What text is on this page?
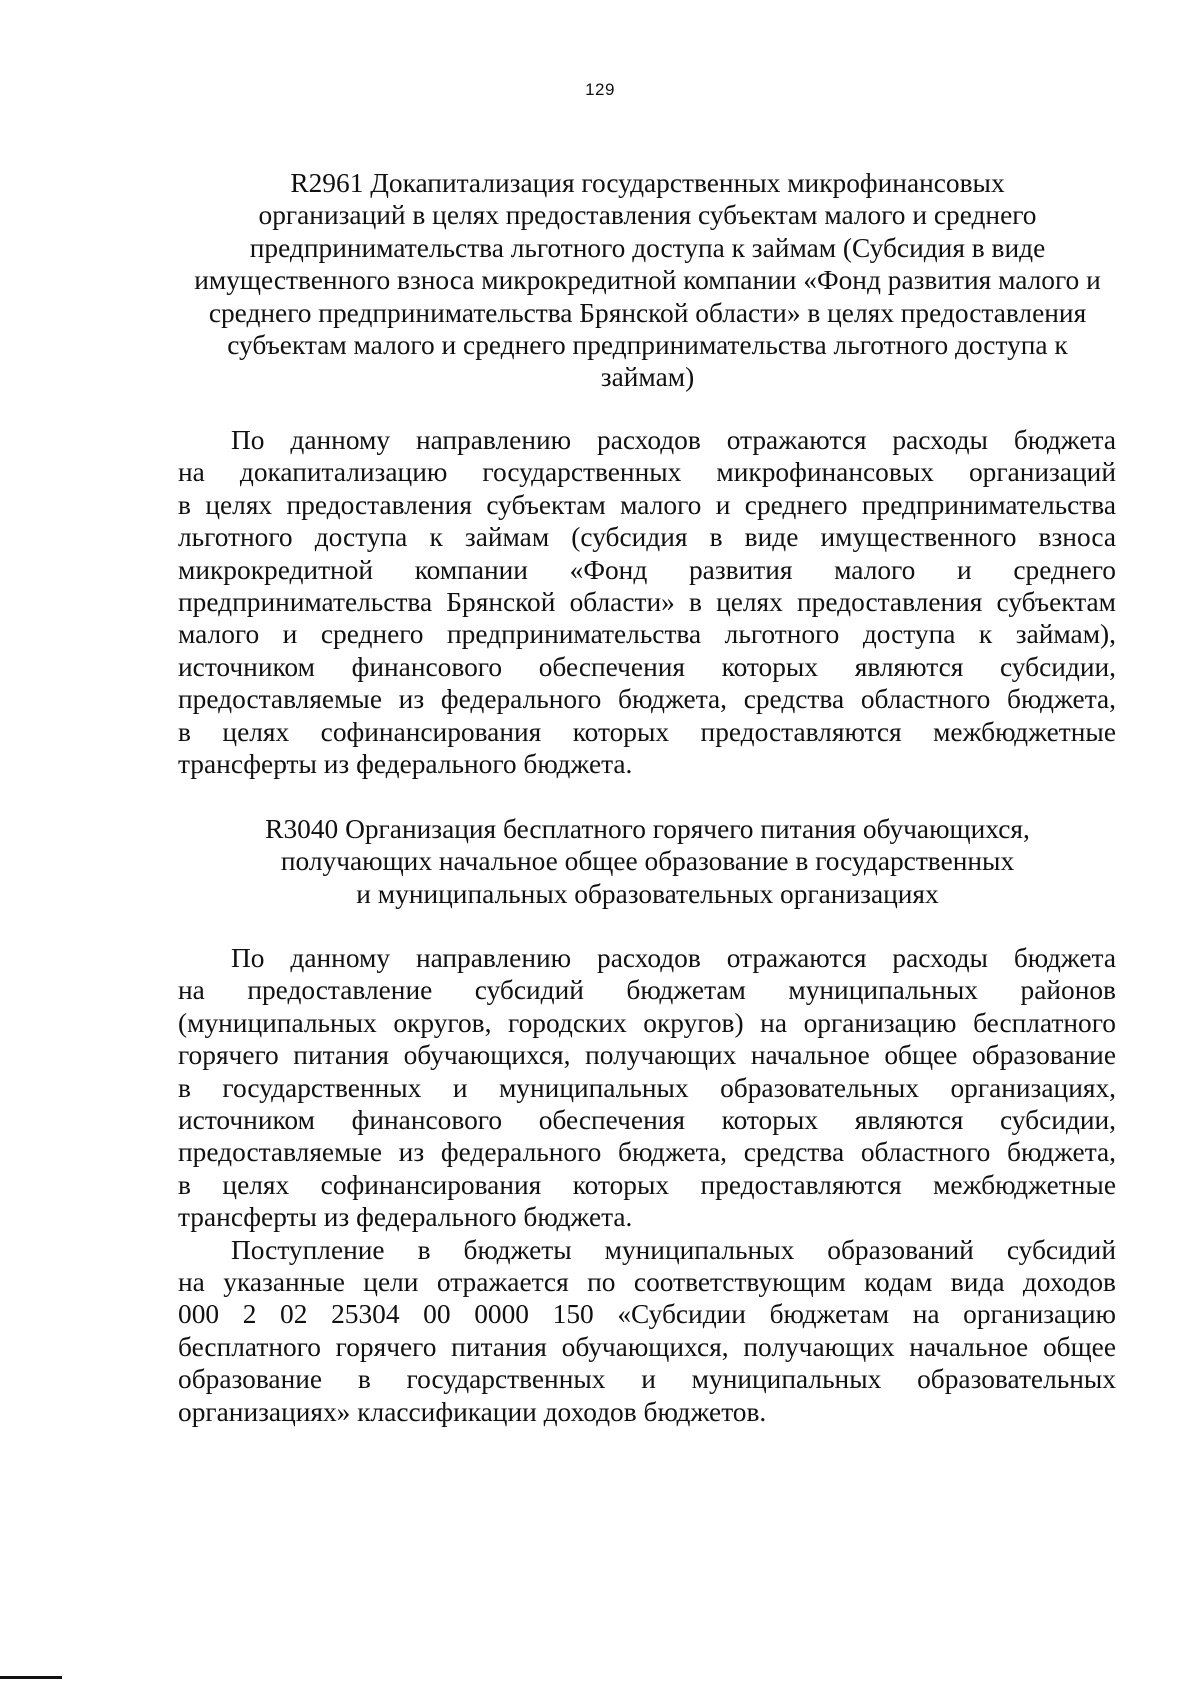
129
R2961 Докапитализация государственных микрофинансовых
организаций в целях предоставления субъектам малого и среднего
предпринимательства льготного доступа к займам (Субсидия в виде
имущественного взноса микрокредитной компании «Фонд развития малого и
среднего предпринимательства Брянской области» в целях предоставления
субъектам малого и среднего предпринимательства льготного доступа к
займам)
По данному направлению расходов отражаются расходы бюджета
на докапитализацию государственных микрофинансовых организаций
в целях предоставления субъектам малого и среднего предпринимательства
льготного доступа к займам (субсидия в виде имущественного взноса
микрокредитной компании «Фонд развития малого и среднего
предпринимательства Брянской области» в целях предоставления субъектам
малого и среднего предпринимательства льготного доступа к займам),
источником финансового обеспечения которых являются субсидии,
предоставляемые из федерального бюджета, средства областного бюджета,
в целях софинансирования которых предоставляются межбюджетные
трансферты из федерального бюджета.
R3040 Организация бесплатного горячего питания обучающихся,
получающих начальное общее образование в государственных
и муниципальных образовательных организациях
По данному направлению расходов отражаются расходы бюджета
на предоставление субсидий бюджетам муниципальных районов
(муниципальных округов, городских округов) на организацию бесплатного
горячего питания обучающихся, получающих начальное общее образование
в государственных и муниципальных образовательных организациях,
источником финансового обеспечения которых являются субсидии,
предоставляемые из федерального бюджета, средства областного бюджета,
в целях софинансирования которых предоставляются межбюджетные
трансферты из федерального бюджета.
Поступление в бюджеты муниципальных образований субсидий
на указанные цели отражается по соответствующим кодам вида доходов
000 2 02 25304 00 0000 150 «Субсидии бюджетам на организацию
бесплатного горячего питания обучающихся, получающих начальное общее
образование в государственных и муниципальных образовательных
организациях» классификации доходов бюджетов.
